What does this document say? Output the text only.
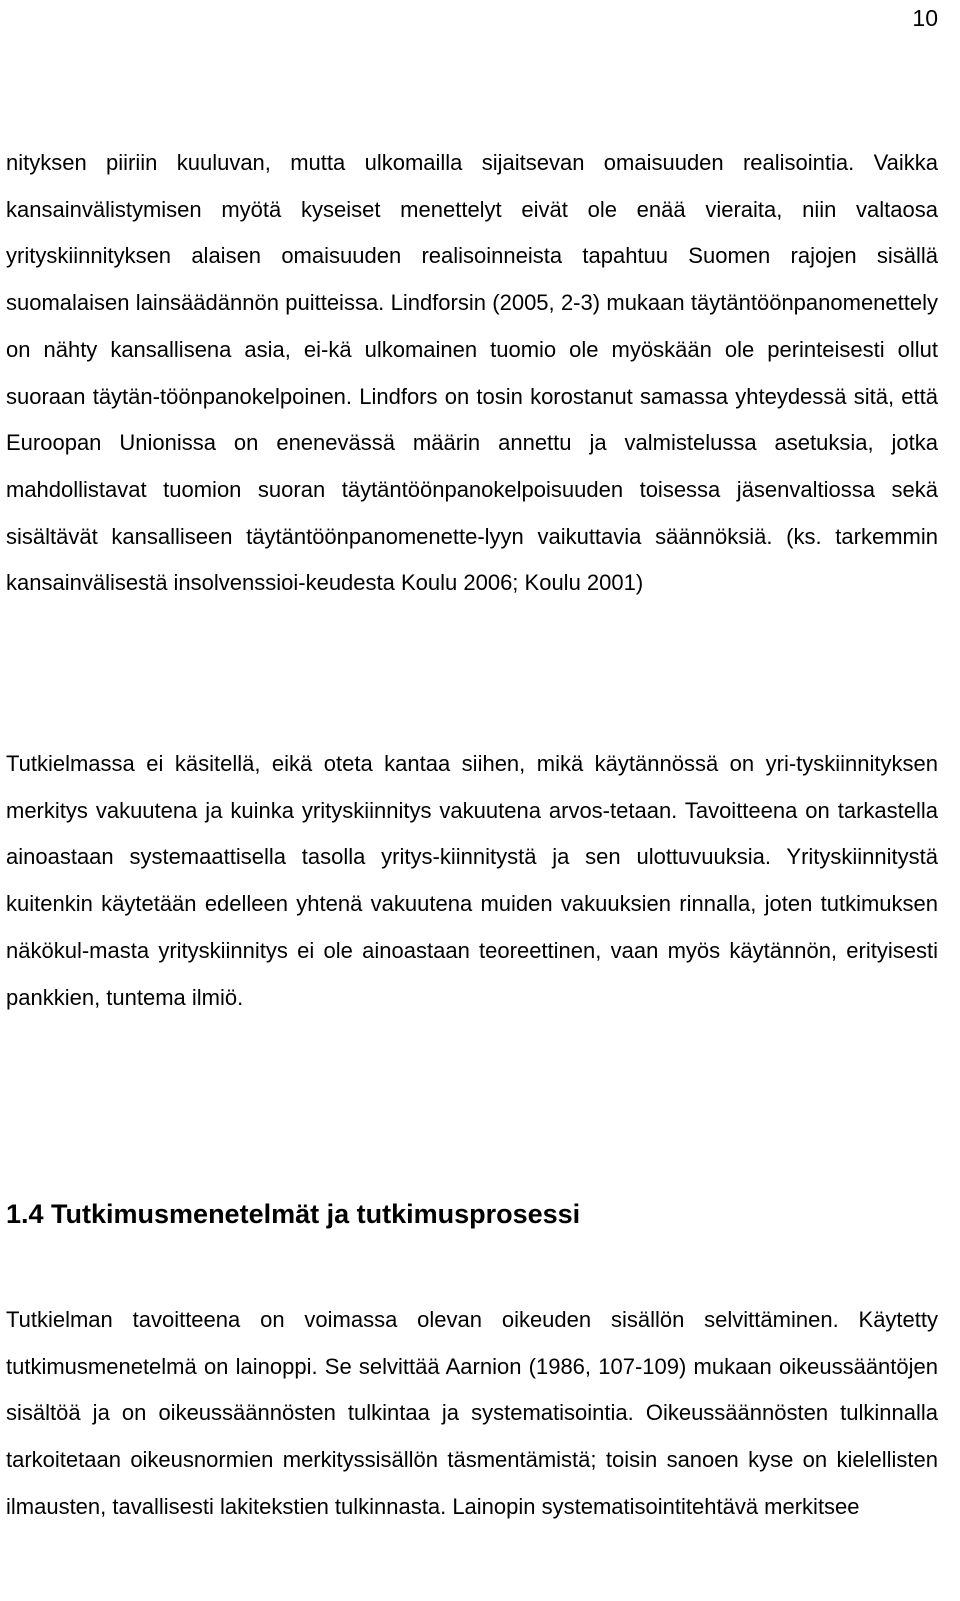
10

nityksen piiriin kuuluvan, mutta ulkomailla sijaitsevan omaisuuden realisointia. Vaikka kansainvälistymisen myötä kyseiset menettelyt eivät ole enää vieraita, niin valtaosa yrityskiinnityksen alaisen omaisuuden realisoinneista tapahtuu Suomen rajojen sisällä suomalaisen lainsäädännön puitteissa. Lindforsin (2005, 2-3) mukaan täytäntöönpanomenettely on nähty kansallisena asia, ei-kä ulkomainen tuomio ole myöskään ole perinteisesti ollut suoraan täytän-töönpanokelpoinen. Lindfors on tosin korostanut samassa yhteydessä sitä, että Euroopan Unionissa on enenevässä määrin annettu ja valmistelussa asetuksia, jotka mahdollistavat tuomion suoran täytäntöönpanokelpoisuuden toisessa jäsenvaltiossa sekä sisältävät kansalliseen täytäntöönpanomenette-lyyn vaikuttavia säännöksiä. (ks. tarkemmin kansainvälisestä insolvenssioi-keudesta Koulu 2006; Koulu 2001)

Tutkielmassa ei käsitellä, eikä oteta kantaa siihen, mikä käytännössä on yri-tyskiinnityksen merkitys vakuutena ja kuinka yrityskiinnitys vakuutena arvos-tetaan. Tavoitteena on tarkastella ainoastaan systemaattisella tasolla yritys-kiinnitystä ja sen ulottuvuuksia. Yrityskiinnitystä kuitenkin käytetään edelleen yhtenä vakuutena muiden vakuuksien rinnalla, joten tutkimuksen näkökul-masta yrityskiinnitys ei ole ainoastaan teoreettinen, vaan myös käytännön, erityisesti pankkien, tuntema ilmiö.

1.4 Tutkimusmenetelmät ja tutkimusprosessi

Tutkielman tavoitteena on voimassa olevan oikeuden sisällön selvittäminen. Käytetty tutkimusmenetelmä on lainoppi. Se selvittää Aarnion (1986, 107-109) mukaan oikeussääntöjen sisältöä ja on oikeussäännösten tulkintaa ja systematisointia. Oikeussäännösten tulkinnalla tarkoitetaan oikeusnormien merkityssisällön täsmentämistä; toisin sanoen kyse on kielellisten ilmausten, tavallisesti lakitekstien tulkinnasta. Lainopin systematisointitehtävä merkitsee
